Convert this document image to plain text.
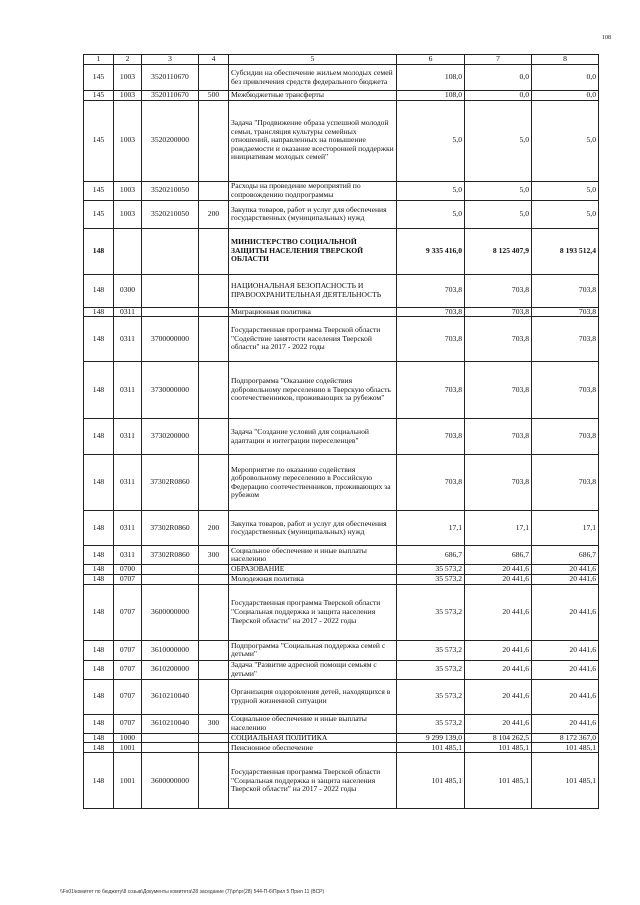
108
1	2	3	4	5	6	7	8
145	1003	3520110670		Субсидии на обеспечение жильем молодых семей без привлечения средств федерального бюджета	108,0	0,0	0,0
145	1003	3520110670	500	Межбюджетные трансферты	108,0	0,0	0,0
145	1003	3520200000		Задача "Продвижение образа успешной молодой семьи, трансляция культуры семейных отношений, направленных на повышение рождаемости и оказание всесторонней поддержки инициативам молодых семей"	5,0	5,0	5,0
145	1003	3520210050		Расходы на проведение мероприятий по сопровождению подпрограммы	5,0	5,0	5,0
145	1003	3520210050	200	Закупка товаров, работ и услуг для обеспечения государственных (муниципальных) нужд	5,0	5,0	5,0
148				МИНИСТЕРСТВО СОЦИАЛЬНОЙ ЗАЩИТЫ НАСЕЛЕНИЯ ТВЕРСКОЙ ОБЛАСТИ	9 335 416,0	8 125 407,9	8 193 512,4
148	0300			НАЦИОНАЛЬНАЯ БЕЗОПАСНОСТЬ И ПРАВООХРАНИТЕЛЬНАЯ ДЕЯТЕЛЬНОСТЬ	703,8	703,8	703,8
148	0311			Миграционная политика	703,8	703,8	703,8
148	0311	3700000000		Государственная программа Тверской области "Содействие занятости населения Тверской области" на 2017 - 2022 годы	703,8	703,8	703,8
148	0311	3730000000		Подпрограмма "Оказание содействия добровольному переселению в Тверскую область соотечественников, проживающих за рубежом"	703,8	703,8	703,8
148	0311	3730200000		Задача "Создание условий для социальной адаптации и интеграции переселенцев"	703,8	703,8	703,8
148	0311	37302R0860		Мероприятие по оказанию содействия добровольному переселению в Российскую Федерацию соотечественников, проживающих за рубежом	703,8	703,8	703,8
148	0311	37302R0860	200	Закупка товаров, работ и услуг для обеспечения государственных (муниципальных) нужд	17,1	17,1	17,1
148	0311	37302R0860	300	Социальное обеспечение и иные выплаты населению	686,7	686,7	686,7
148	0700			ОБРАЗОВАНИЕ	35 573,2	20 441,6	20 441,6
148	0707			Молодежная политика	35 573,2	20 441,6	20 441,6
148	0707	3600000000		Государственная программа Тверской области "Социальная поддержка и защита населения Тверской области" на 2017 - 2022 годы	35 573,2	20 441,6	20 441,6
148	0707	3610000000		Подпрограмма "Социальная поддержка семей с детьми"	35 573,2	20 441,6	20 441,6
148	0707	3610200000		Задача "Развитие адресной помощи семьям с детьми"	35 573,2	20 441,6	20 441,6
148	0707	3610210040		Организация оздоровления детей, находящихся в трудной жизненной ситуации	35 573,2	20 441,6	20 441,6
148	0707	3610210040	300	Социальное обеспечение и иные выплаты населению	35 573,2	20 441,6	20 441,6
148	1000			СОЦИАЛЬНАЯ ПОЛИТИКА	9 299 139,0	8 104 262,5	8 172 367,0
148	1001			Пенсионное обеспечение	101 485,1	101 485,1	101 485,1
148	1001	3600000000		Государственная программа Тверской области "Социальная поддержка и защита населения Тверской области" на 2017 - 2022 годы	101 485,1	101 485,1	101 485,1
\\Fs01\комитет по бюджету\8 созыв\Документы комитета\28 заседание (7)\рг\рг(28) 544-П-6\Прил 5 Прил 11 (ВСР)
